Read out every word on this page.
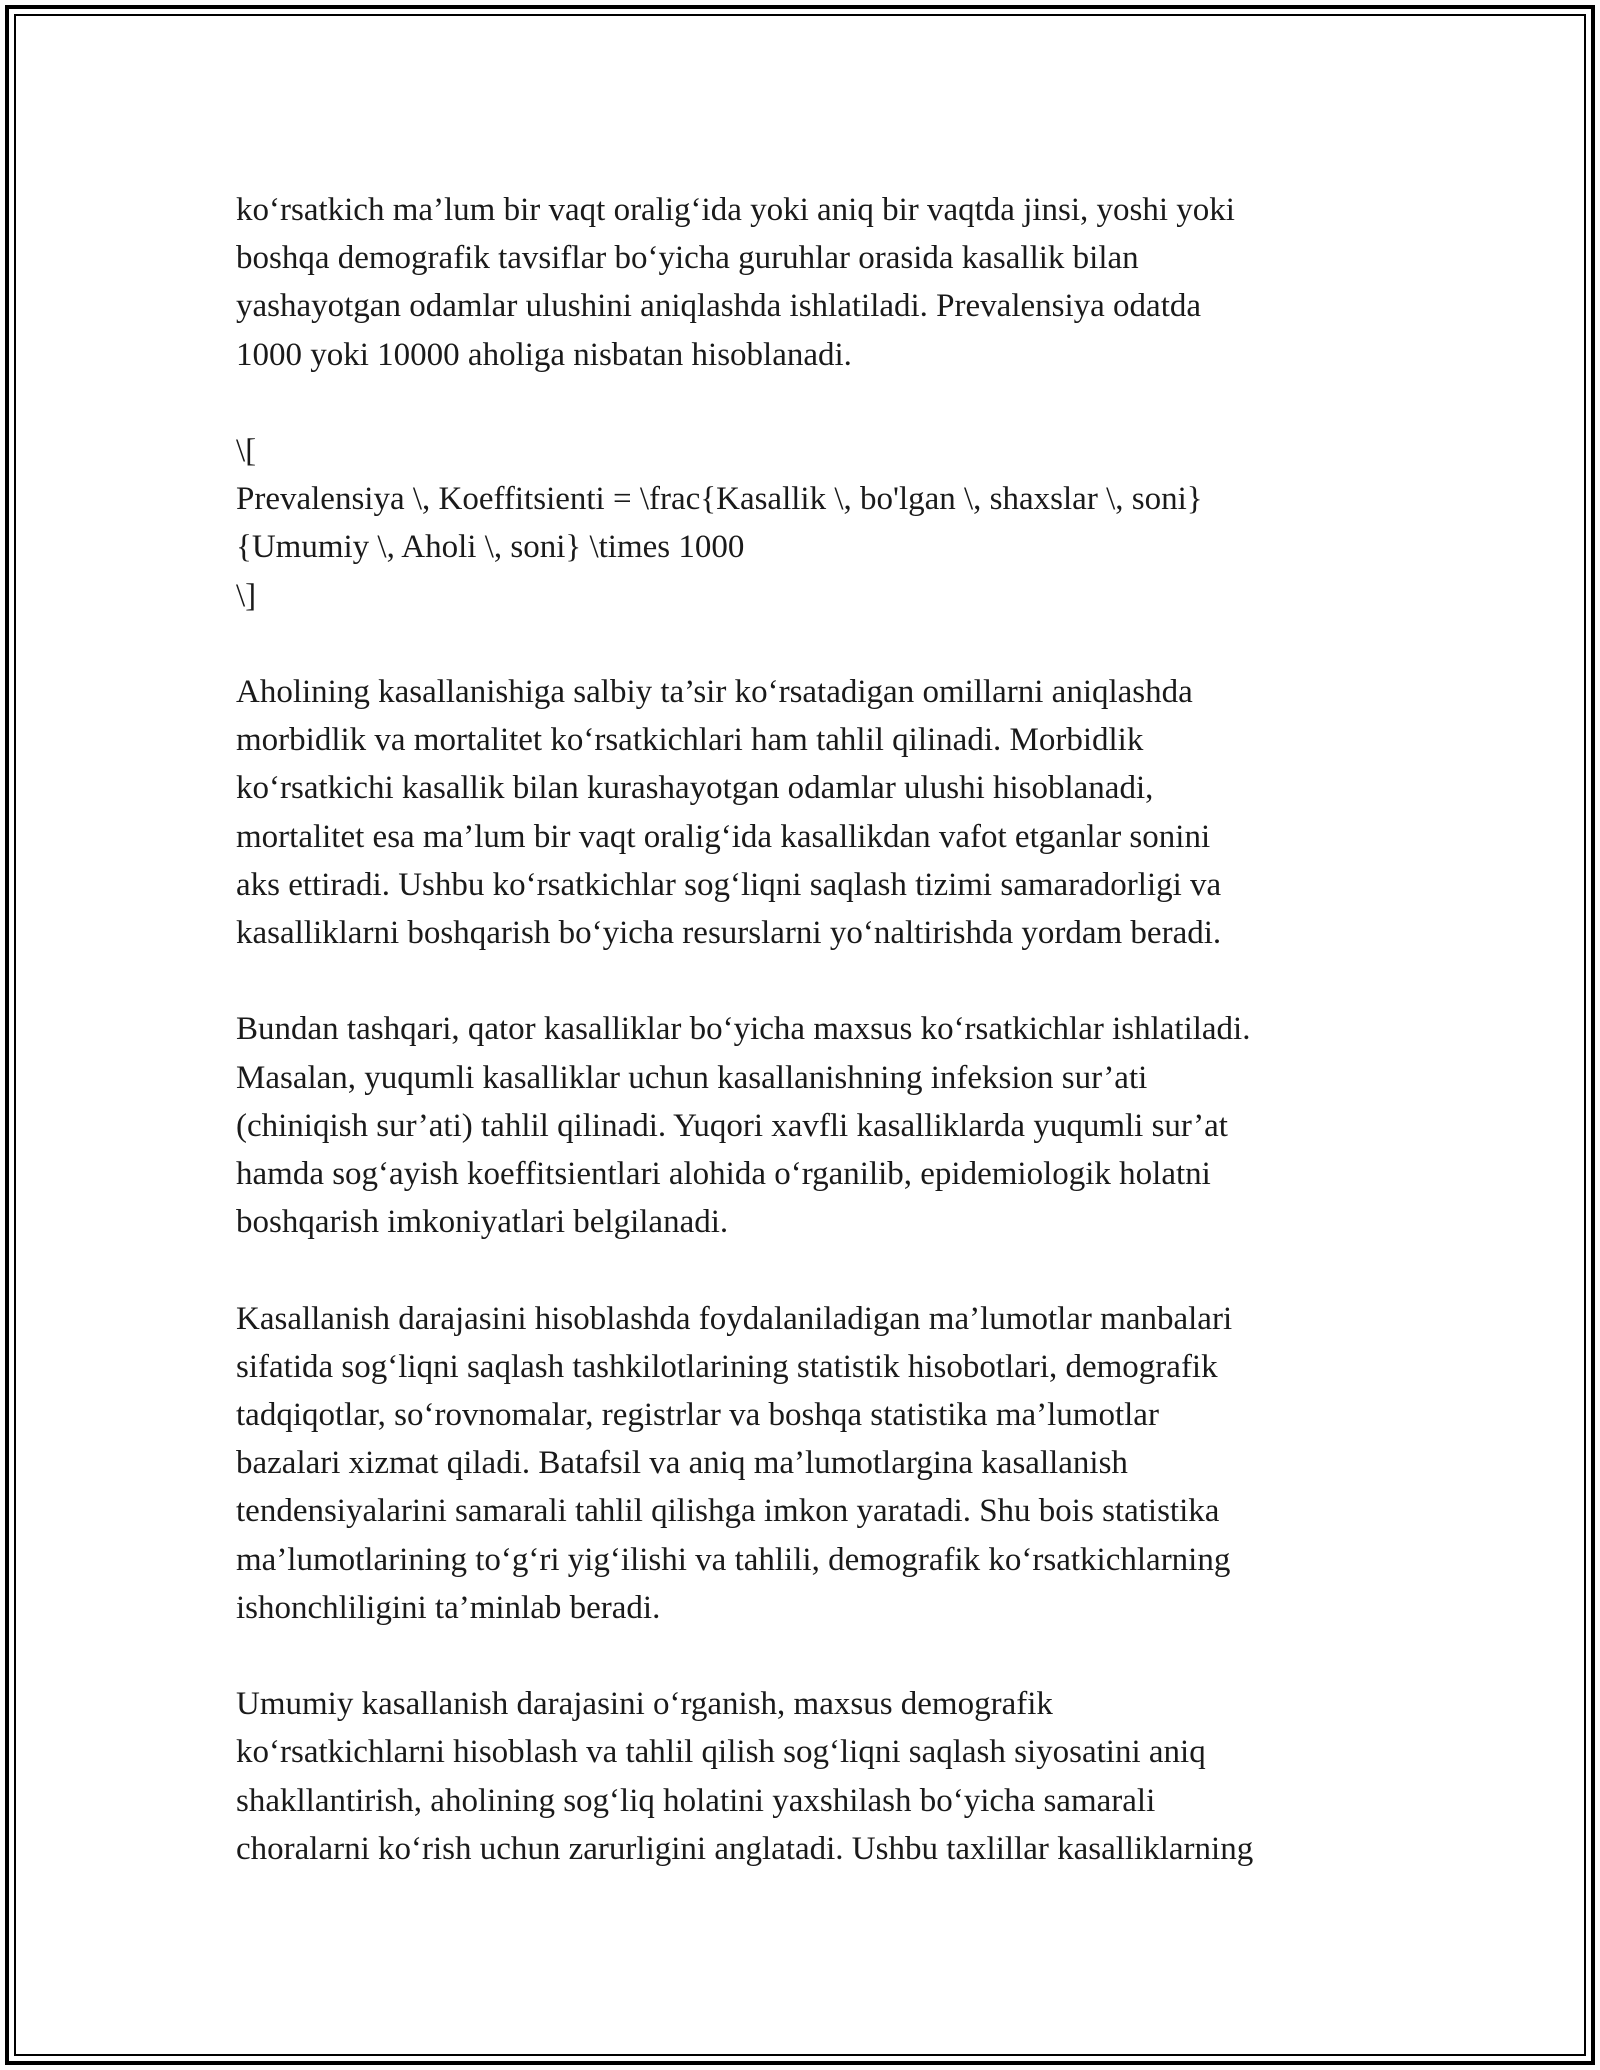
ko‘rsatkich ma’lum bir vaqt oralig‘ida yoki aniq bir vaqtda jinsi, yoshi yoki
boshqa demografik tavsiflar bo‘yicha guruhlar orasida kasallik bilan
yashayotgan odamlar ulushini aniqlashda ishlatiladi. Prevalensiya odatda
1000 yoki 10000 aholiga nisbatan hisoblanadi.
\[
Prevalensiya \, Koeffitsienti = \frac{Kasallik \, bo'lgan \, shaxslar \, soni}
{Umumiy \, Aholi \, soni} \times 1000
\]
Aholining kasallanishiga salbiy ta’sir ko‘rsatadigan omillarni aniqlashda
morbidlik va mortalitet ko‘rsatkichlari ham tahlil qilinadi. Morbidlik
ko‘rsatkichi kasallik bilan kurashayotgan odamlar ulushi hisoblanadi,
mortalitet esa ma’lum bir vaqt oralig‘ida kasallikdan vafot etganlar sonini
aks ettiradi. Ushbu ko‘rsatkichlar sog‘liqni saqlash tizimi samaradorligi va
kasalliklarni boshqarish bo‘yicha resurslarni yo‘naltirishda yordam beradi.
Bundan tashqari, qator kasalliklar bo‘yicha maxsus ko‘rsatkichlar ishlatiladi.
Masalan, yuqumli kasalliklar uchun kasallanishning infeksion sur’ati
(chiniqish sur’ati) tahlil qilinadi. Yuqori xavfli kasalliklarda yuqumli sur’at
hamda sog‘ayish koeffitsientlari alohida o‘rganilib, epidemiologik holatni
boshqarish imkoniyatlari belgilanadi.
Kasallanish darajasini hisoblashda foydalaniladigan ma’lumotlar manbalari
sifatida sog‘liqni saqlash tashkilotlarining statistik hisobotlari, demografik
tadqiqotlar, so‘rovnomalar, registrlar va boshqa statistika ma’lumotlar
bazalari xizmat qiladi. Batafsil va aniq ma’lumotlargina kasallanish
tendensiyalarini samarali tahlil qilishga imkon yaratadi. Shu bois statistika
ma’lumotlarining to‘g‘ri yig‘ilishi va tahlili, demografik ko‘rsatkichlarning
ishonchliligini ta’minlab beradi.
Umumiy kasallanish darajasini o‘rganish, maxsus demografik
ko‘rsatkichlarni hisoblash va tahlil qilish sog‘liqni saqlash siyosatini aniq
shakllantirish, aholining sog‘liq holatini yaxshilash bo‘yicha samarali
choralarni ko‘rish uchun zarurligini anglatadi. Ushbu taxlillar kasalliklarning
